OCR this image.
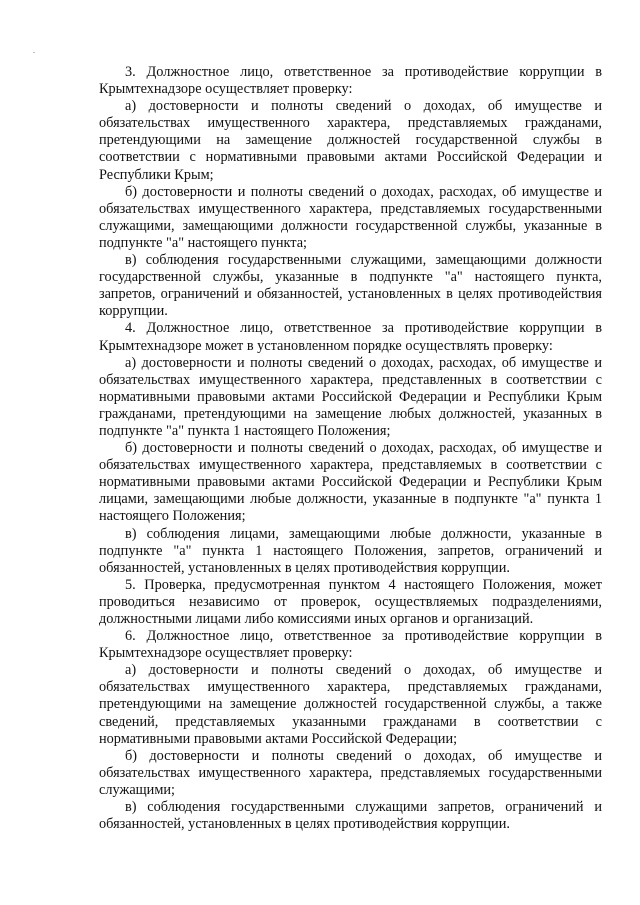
3. Должностное лицо, ответственное за противодействие коррупции в Крымтехнадзоре осуществляет проверку:

а) достоверности и полноты сведений о доходах, об имуществе и обязательствах имущественного характера, представляемых гражданами, претендующими на замещение должностей государственной службы в соответствии с нормативными правовыми актами Российской Федерации и Республики Крым;

б) достоверности и полноты сведений о доходах, расходах, об имуществе и обязательствах имущественного характера, представляемых государственными служащими, замещающими должности государственной службы, указанные в подпункте "а" настоящего пункта;

в) соблюдения государственными служащими, замещающими должности государственной службы, указанные в подпункте "а" настоящего пункта, запретов, ограничений и обязанностей, установленных в целях противодействия коррупции.

4. Должностное лицо, ответственное за противодействие коррупции в Крымтехнадзоре может в установленном порядке осуществлять проверку:

а) достоверности и полноты сведений о доходах, расходах, об имуществе и обязательствах имущественного характера, представленных в соответствии с нормативными правовыми актами Российской Федерации и Республики Крым гражданами, претендующими на замещение любых должностей, указанных в подпункте "а" пункта 1 настоящего Положения;

б) достоверности и полноты сведений о доходах, расходах, об имуществе и обязательствах имущественного характера, представляемых в соответствии с нормативными правовыми актами Российской Федерации и Республики Крым лицами, замещающими любые должности, указанные в подпункте "а" пункта 1 настоящего Положения;

в) соблюдения лицами, замещающими любые должности, указанные в подпункте "а" пункта 1 настоящего Положения, запретов, ограничений и обязанностей, установленных в целях противодействия коррупции.

5. Проверка, предусмотренная пунктом 4 настоящего Положения, может проводиться независимо от проверок, осуществляемых подразделениями, должностными лицами либо комиссиями иных органов и организаций.

6. Должностное лицо, ответственное за противодействие коррупции в Крымтехнадзоре осуществляет проверку:

а) достоверности и полноты сведений о доходах, об имуществе и обязательствах имущественного характера, представляемых гражданами, претендующими на замещение должностей государственной службы, а также сведений, представляемых указанными гражданами в соответствии с нормативными правовыми актами Российской Федерации;

б) достоверности и полноты сведений о доходах, об имуществе и обязательствах имущественного характера, представляемых государственными служащими;

в) соблюдения государственными служащими запретов, ограничений и обязанностей, установленных в целях противодействия коррупции.
